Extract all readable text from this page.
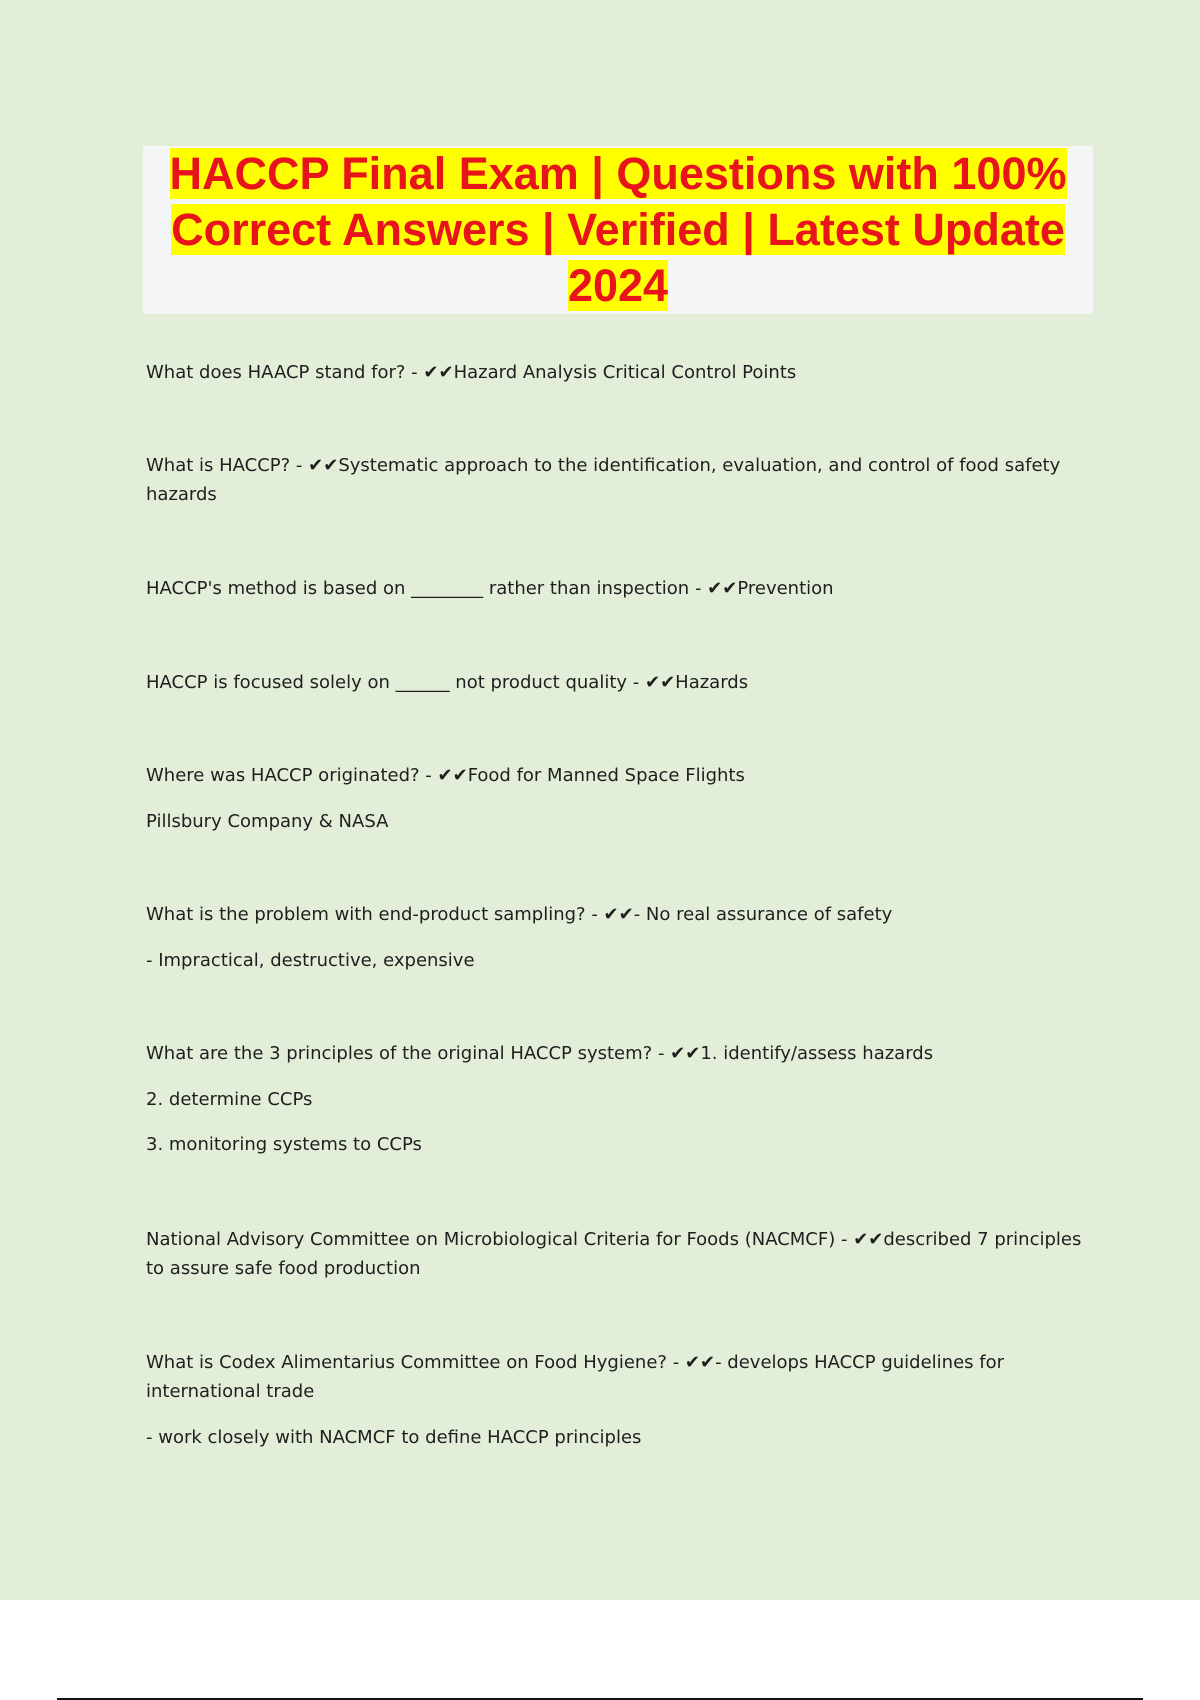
HACCP Final Exam | Questions with 100% Correct Answers | Verified | Latest Update 2024

What does HAACP stand for? - ✔✔Hazard Analysis Critical Control Points

What is HACCP? - ✔✔Systematic approach to the identification, evaluation, and control of food safety hazards

HACCP's method is based on ________ rather than inspection - ✔✔Prevention

HACCP is focused solely on ______ not product quality - ✔✔Hazards

Where was HACCP originated? - ✔✔Food for Manned Space Flights

Pillsbury Company & NASA

What is the problem with end-product sampling? - ✔✔- No real assurance of safety

- Impractical, destructive, expensive

What are the 3 principles of the original HACCP system? - ✔✔1. identify/assess hazards

2. determine CCPs

3. monitoring systems to CCPs

National Advisory Committee on Microbiological Criteria for Foods (NACMCF) - ✔✔described 7 principles to assure safe food production

What is Codex Alimentarius Committee on Food Hygiene? - ✔✔- develops HACCP guidelines for international trade

- work closely with NACMCF to define HACCP principles
